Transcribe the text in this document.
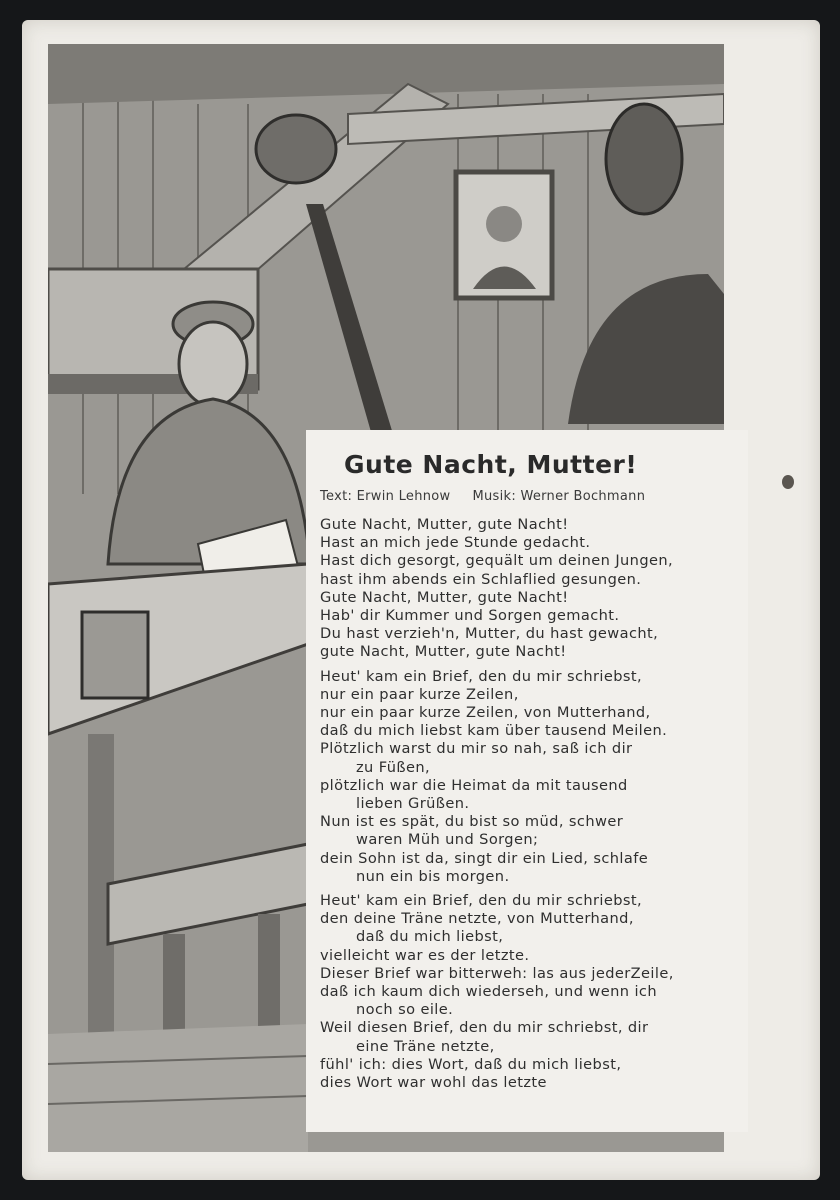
Gute Nacht, Mutter!
Text: Erwin Lehnow Musik: Werner Bochmann
Gute Nacht, Mutter, gute Nacht!
Hast an mich jede Stunde gedacht.
Hast dich gesorgt, gequält um deinen Jungen,
hast ihm abends ein Schlaflied gesungen.
Gute Nacht, Mutter, gute Nacht!
Hab' dir Kummer und Sorgen gemacht.
Du hast verzieh'n, Mutter, du hast gewacht,
gute Nacht, Mutter, gute Nacht!
Heut' kam ein Brief, den du mir schriebst,
nur ein paar kurze Zeilen,
nur ein paar kurze Zeilen, von Mutterhand,
daß du mich liebst kam über tausend Meilen.
Plötzlich warst du mir so nah, saß ich dir
zu Füßen,
plötzlich war die Heimat da mit tausend
lieben Grüßen.
Nun ist es spät, du bist so müd, schwer
waren Müh und Sorgen;
dein Sohn ist da, singt dir ein Lied, schlafe
nun ein bis morgen.
Heut' kam ein Brief, den du mir schriebst,
den deine Träne netzte, von Mutterhand,
daß du mich liebst,
vielleicht war es der letzte.
Dieser Brief war bitterweh: las aus jederZeile,
daß ich kaum dich wiederseh, und wenn ich
noch so eile.
Weil diesen Brief, den du mir schriebst, dir
eine Träne netzte,
fühl' ich: dies Wort, daß du mich liebst,
dies Wort war wohl das letzte
